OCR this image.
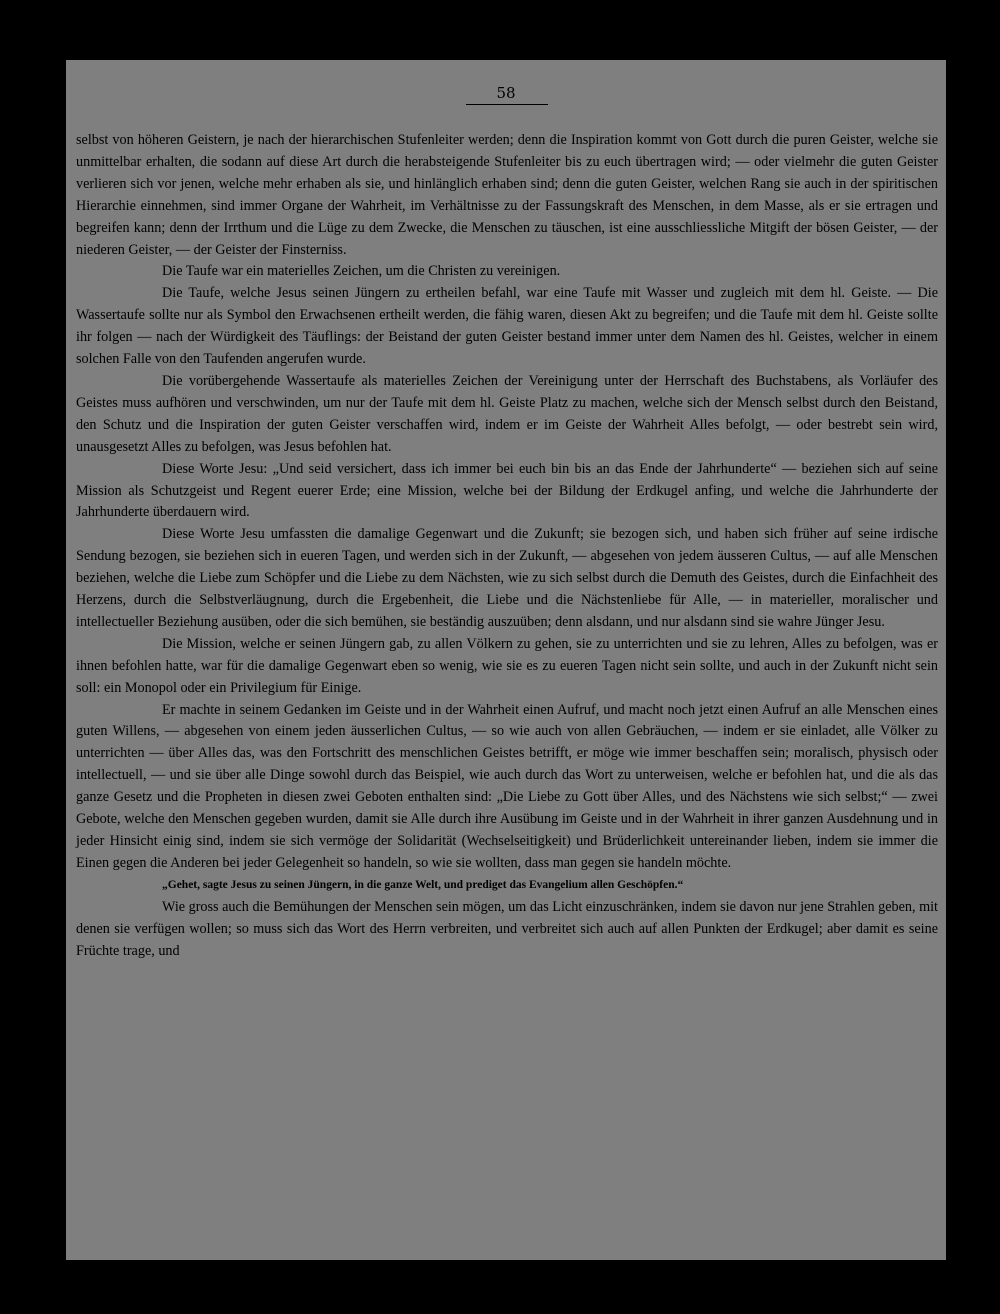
58

selbst von höheren Geistern, je nach der hierarchischen Stufenleiter werden; denn die Inspiration kommt von Gott durch die puren Geister, welche sie unmittelbar erhalten, die sodann auf diese Art durch die herabsteigende Stufenleiter bis zu euch übertragen wird; — oder vielmehr die guten Geister verlieren sich vor jenen, welche mehr erhaben als sie, und hinlänglich erhaben sind; denn die guten Geister, welchen Rang sie auch in der spiritischen Hierarchie einnehmen, sind immer Organe der Wahrheit, im Verhältnisse zu der Fassungskraft des Menschen, in dem Masse, als er sie ertragen und begreifen kann; denn der Irrthum und die Lüge zu dem Zwecke, die Menschen zu täuschen, ist eine ausschliessliche Mitgift der bösen Geister, — der niederen Geister, — der Geister der Finsterniss.

Die Taufe war ein materielles Zeichen, um die Christen zu vereinigen.

Die Taufe, welche Jesus seinen Jüngern zu ertheilen befahl, war eine Taufe mit Wasser und zugleich mit dem hl. Geiste. — Die Wassertaufe sollte nur als Symbol den Erwachsenen ertheilt werden, die fähig waren, diesen Akt zu begreifen; und die Taufe mit dem hl. Geiste sollte ihr folgen — nach der Würdigkeit des Täuflings: der Beistand der guten Geister bestand immer unter dem Namen des hl. Geistes, welcher in einem solchen Falle von den Taufenden angerufen wurde.

Die vorübergehende Wassertaufe als materielles Zeichen der Vereinigung unter der Herrschaft des Buchstabens, als Vorläufer des Geistes muss aufhören und verschwinden, um nur der Taufe mit dem hl. Geiste Platz zu machen, welche sich der Mensch selbst durch den Beistand, den Schutz und die Inspiration der guten Geister verschaffen wird, indem er im Geiste der Wahrheit Alles befolgt, — oder bestrebt sein wird, unausgesetzt Alles zu befolgen, was Jesus befohlen hat.

Diese Worte Jesu: „Und seid versichert, dass ich immer bei euch bin bis an das Ende der Jahrhunderte“ — beziehen sich auf seine Mission als Schutzgeist und Regent euerer Erde; eine Mission, welche bei der Bildung der Erdkugel anfing, und welche die Jahrhunderte der Jahrhunderte überdauern wird.

Diese Worte Jesu umfassten die damalige Gegenwart und die Zukunft; sie bezogen sich, und haben sich früher auf seine irdische Sendung bezogen, sie beziehen sich in eueren Tagen, und werden sich in der Zukunft, — abgesehen von jedem äusseren Cultus, — auf alle Menschen beziehen, welche die Liebe zum Schöpfer und die Liebe zu dem Nächsten, wie zu sich selbst durch die Demuth des Geistes, durch die Einfachheit des Herzens, durch die Selbstverläugnung, durch die Ergebenheit, die Liebe und die Nächstenliebe für Alle, — in materieller, moralischer und intellectueller Beziehung ausüben, oder die sich bemühen, sie beständig auszuüben; denn alsdann, und nur alsdann sind sie wahre Jünger Jesu.

Die Mission, welche er seinen Jüngern gab, zu allen Völkern zu gehen, sie zu unterrichten und sie zu lehren, Alles zu befolgen, was er ihnen befohlen hatte, war für die damalige Gegenwart eben so wenig, wie sie es zu eueren Tagen nicht sein sollte, und auch in der Zukunft nicht sein soll: ein Monopol oder ein Privilegium für Einige.

Er machte in seinem Gedanken im Geiste und in der Wahrheit einen Aufruf, und macht noch jetzt einen Aufruf an alle Menschen eines guten Willens, — abgesehen von einem jeden äusserlichen Cultus, — so wie auch von allen Gebräuchen, — indem er sie einladet, alle Völker zu unterrichten — über Alles das, was den Fortschritt des menschlichen Geistes betrifft, er möge wie immer beschaffen sein; moralisch, physisch oder intellectuell, — und sie über alle Dinge sowohl durch das Beispiel, wie auch durch das Wort zu unterweisen, welche er befohlen hat, und die als das ganze Gesetz und die Propheten in diesen zwei Geboten enthalten sind: „Die Liebe zu Gott über Alles, und des Nächstens wie sich selbst;“ — zwei Gebote, welche den Menschen gegeben wurden, damit sie Alle durch ihre Ausübung im Geiste und in der Wahrheit in ihrer ganzen Ausdehnung und in jeder Hinsicht einig sind, indem sie sich vermöge der Solidarität (Wechselseitigkeit) und Brüderlichkeit untereinander lieben, indem sie immer die Einen gegen die Anderen bei jeder Gelegenheit so handeln, so wie sie wollten, dass man gegen sie handeln möchte.

„Gehet, sagte Jesus zu seinen Jüngern, in die ganze Welt, und prediget das Evangelium allen Geschöpfen.“

Wie gross auch die Bemühungen der Menschen sein mögen, um das Licht einzuschränken, indem sie davon nur jene Strahlen geben, mit denen sie verfügen wollen; so muss sich das Wort des Herrn verbreiten, und verbreitet sich auch auf allen Punkten der Erdkugel; aber damit es seine Früchte trage, und
